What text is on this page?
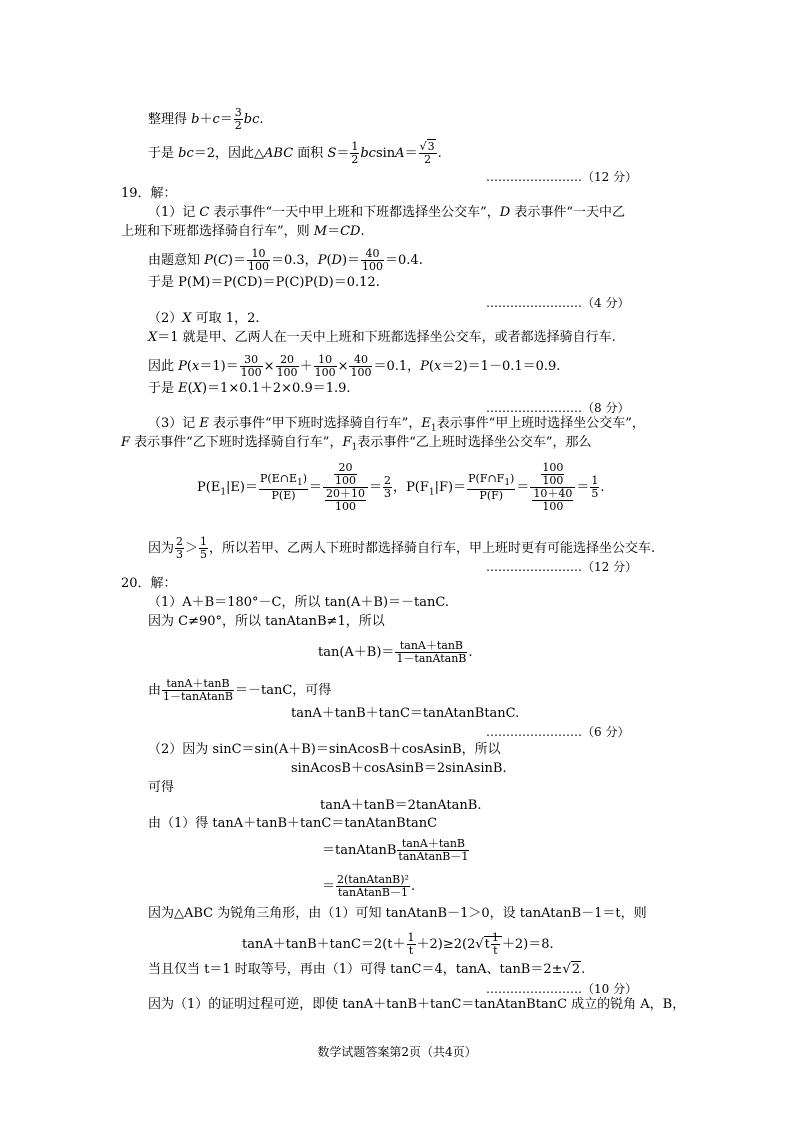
整理得 $b+c= \frac{3}{2}$ bc.
于是 bc＝2，因此△ABC 面积 $S= \frac{1}{2} bcsinA= \frac{√3}{2}$ .
……………………（12 分）
19．解：
（1）记 C 表示事件“一天中甲上班和下班都选择坐公交车”，D 表示事件“一天中乙
上班和下班都选择骑自行车”，则 M＝CD.
由题意知 $P(C)= \frac{10}{100} =0.3$，$P(D)= \frac{40}{100} =0.4$.
于是 P(M)＝P(CD)＝P(C)P(D)＝0.12.
……………………（4 分）
（2）X 可取 1，2.
X＝1 就是甲、乙两人在一天中上班和下班都选择坐公交车，或者都选择骑自行车.
因此 $P(x=1)= \frac{30}{100} \times \frac{20}{100} + \frac{10}{100} \times \frac{40}{100} =0.1$，P(x＝2)＝1－0.1＝0.9.
于是 E(X)＝1×0.1＋2×0.9＝1.9.
……………………（8 分）
（3）记 E 表示事件“甲下班时选择骑自行车”，$E_1$表示事件“甲上班时选择坐公交车”，
F 表示事件“乙下班时选择骑自行车”，$F_1$表示事件“乙上班时选择坐公交车”，那么
$P(E_1|E)= \frac{P(E\cap E_1)}{P(E)} = \frac{\frac{20}{100}}{\frac{20+10}{100}} = \frac{2}{3}$ ，$P(F_1|F)= \frac{P(F\cap F_1)}{P(F)} = \frac{\frac{100}{100}}{\frac{10+40}{100}} = \frac{1}{5}$ .
因为 $\frac{2}{3} > \frac{1}{5}$ ，所以若甲、乙两人下班时都选择骑自行车，甲上班时更有可能选择坐公交车.
……………………（12 分）
20．解：
（1）A＋B＝180°－C，所以 tan(A＋B)＝－tanC.
因为 C≠90°，所以 tanAtanB≠1，所以
$\tan(A+B)= \frac{\tan A+\tan B}{\text{1－tanAtanB}}$ .
由 $\frac{\tan A+\tan B}{\text{1－tanAtanB}} =-\tan C$，可得
tanA＋tanB＋tanC＝tanAtanBtanC.
……………………（6 分）
（2）因为 sinC＝sin(A＋B)＝sinAcosB＋cosAsinB，所以
sinAcosB＋cosAsinB＝2sinAsinB.
可得
tanA＋tanB＝2tanAtanB.
由（1）得 tanA＋tanB＋tanC＝tanAtanBtanC
＝tanAtanB $\frac{\tan A+\tan B}{\text{tanAtanB－1}}$
＝ $\frac{\text{2(tanAtanB)²}}{\text{tanAtanB－1}}$ .
因为△ABC 为锐角三角形，由（1）可知 tanAtanB－1＞0，设 tanAtanB－1＝t，则
$\tan A+\tan B+\tan C=2(t+ \frac{1}{t} +2)\ge 2(2√t \frac{1}{t} +2)=8$.
当且仅当 t＝1 时取等号，再由（1）可得 tanC＝4，tanA、tanB＝2±√2.
……………………（10 分）
因为（1）的证明过程可逆，即使 tanA＋tanB＋tanC＝tanAtanBtanC 成立的锐角 A，B，
数学试题答案第2页（共4页）
